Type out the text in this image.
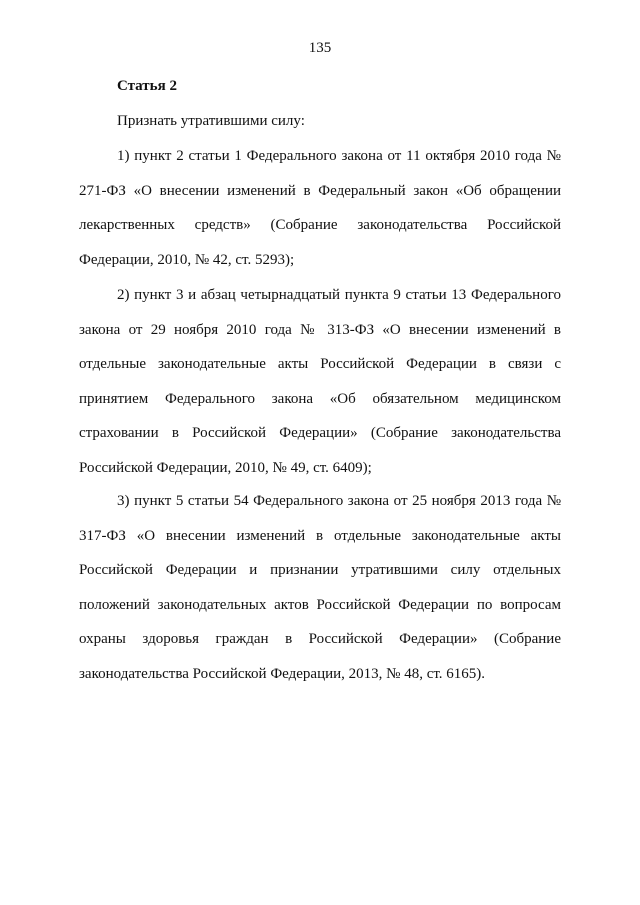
135
Статья 2
Признать утратившими силу:
1) пункт 2 статьи 1 Федерального закона от 11 октября 2010 года № 271-ФЗ «О внесении изменений в Федеральный закон «Об обращении лекарственных средств» (Собрание законодательства Российской Федерации, 2010, № 42, ст. 5293);
2) пункт 3 и абзац четырнадцатый пункта 9 статьи 13 Федерального закона от 29 ноября 2010 года № 313-ФЗ «О внесении изменений в отдельные законодательные акты Российской Федерации в связи с принятием Федерального закона «Об обязательном медицинском страховании в Российской Федерации» (Собрание законодательства Российской Федерации, 2010, № 49, ст. 6409);
3) пункт 5 статьи 54 Федерального закона от 25 ноября 2013 года № 317-ФЗ «О внесении изменений в отдельные законодательные акты Российской Федерации и признании утратившими силу отдельных положений законодательных актов Российской Федерации по вопросам охраны здоровья граждан в Российской Федерации» (Собрание законодательства Российской Федерации, 2013, № 48, ст. 6165).
